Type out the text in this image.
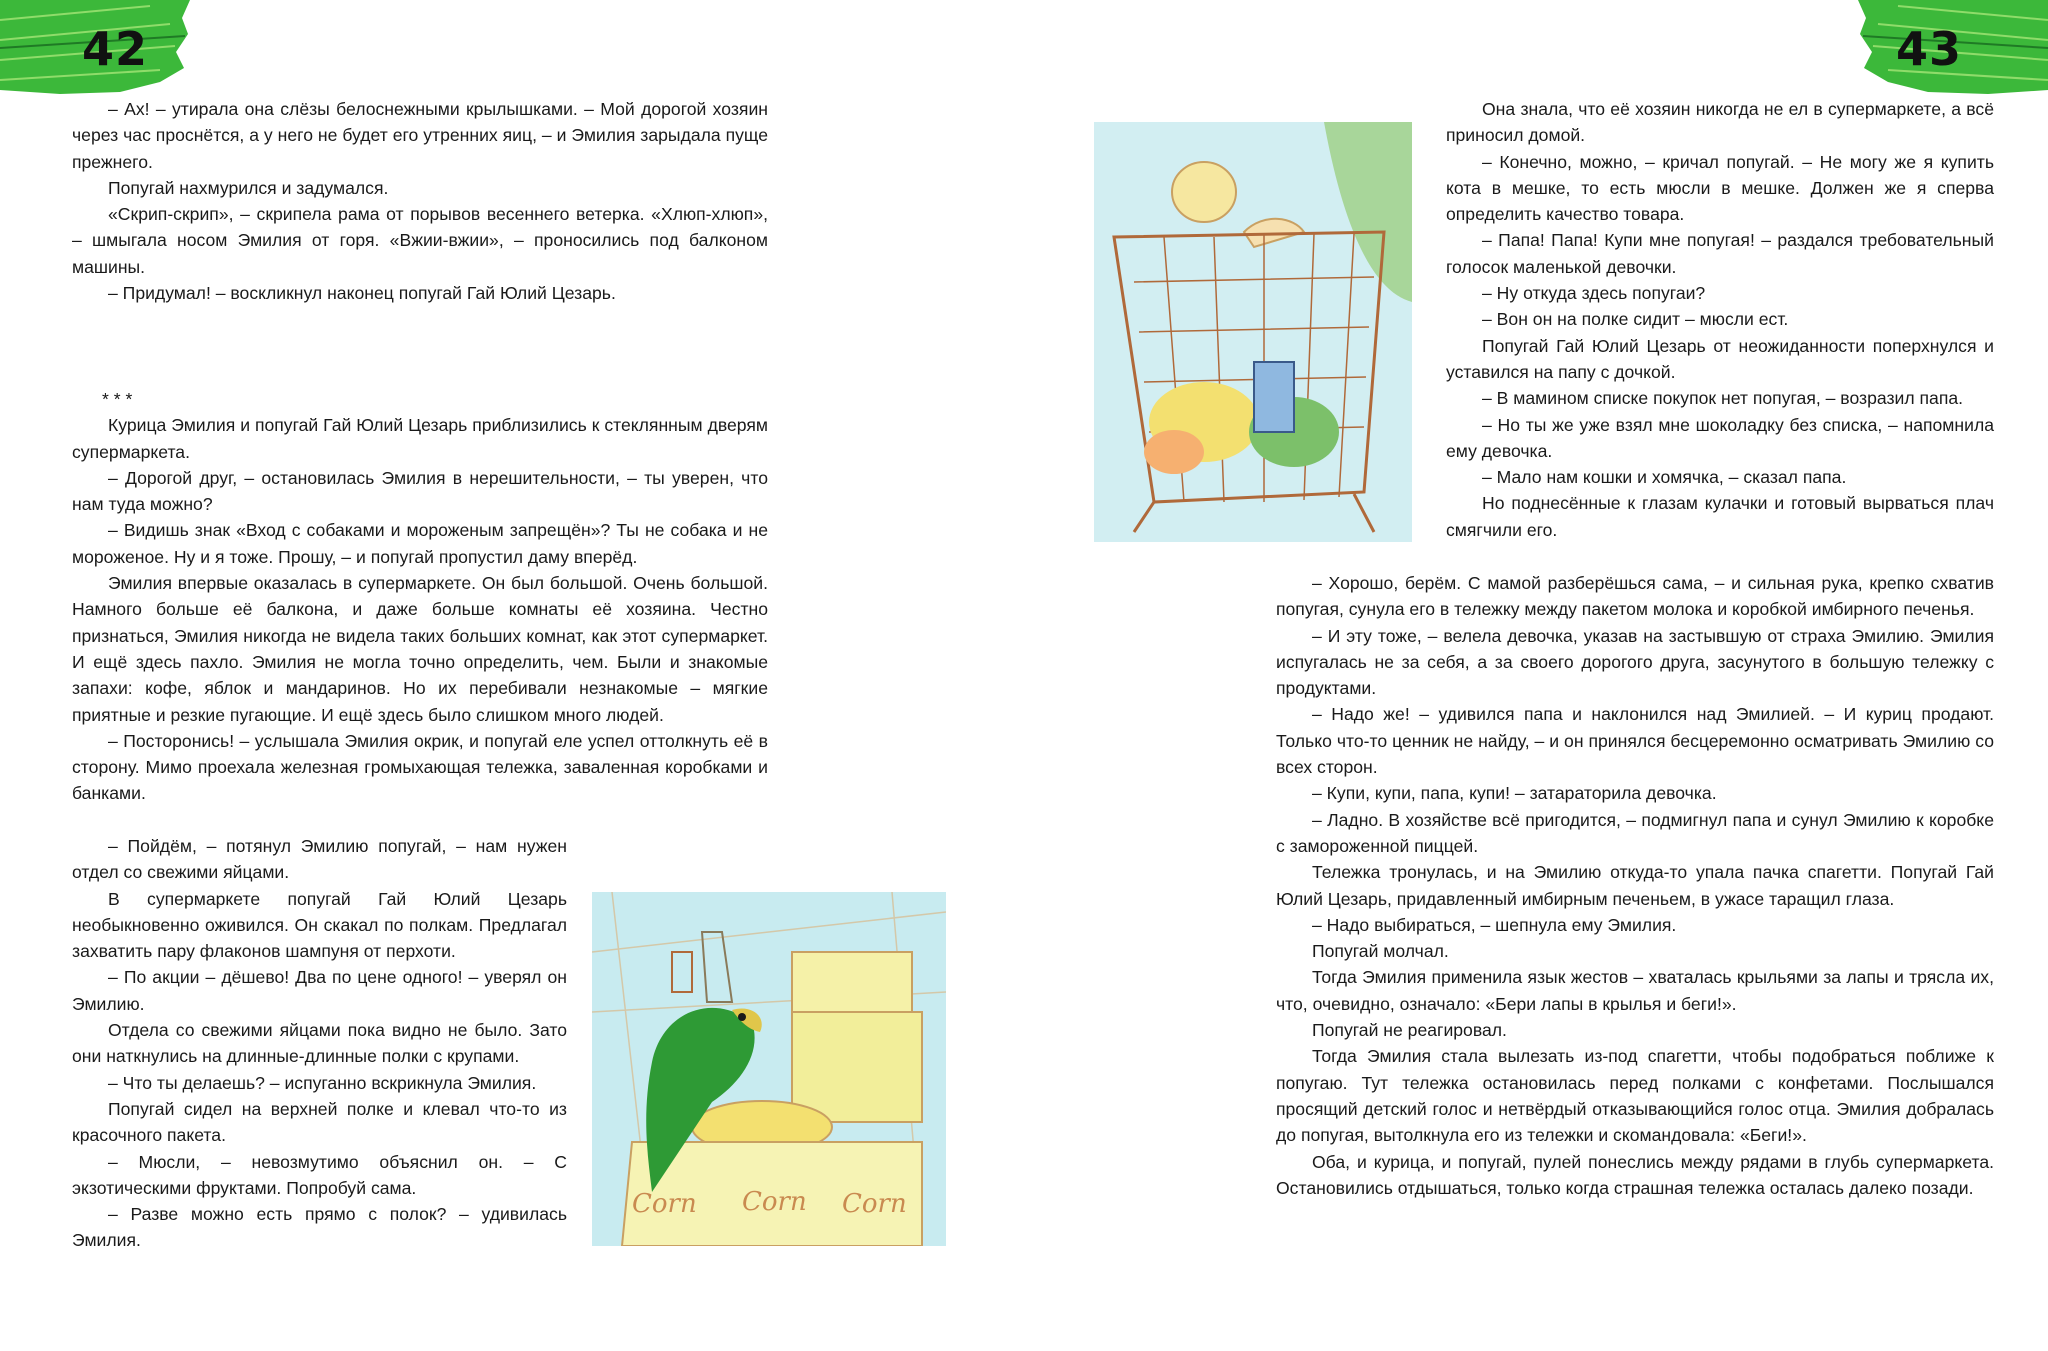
42

– Ах! – утирала она слёзы белоснежными крылышками. – Мой дорогой хозяин через час проснётся, а у него не будет его утренних яиц, – и Эмилия зарыдала пуще прежнего.

Попугай нахмурился и задумался.

«Скрип-скрип», – скрипела рама от порывов весеннего ветерка. «Хлюп-хлюп», – шмыгала носом Эмилия от горя. «Вжии-вжии», – проносились под балконом машины.

– Придумал! – воскликнул наконец попугай Гай Юлий Цезарь.

* * *

Курица Эмилия и попугай Гай Юлий Цезарь приблизились к стеклянным дверям супермаркета.

– Дорогой друг, – остановилась Эмилия в нерешительности, – ты уверен, что нам туда можно?

– Видишь знак «Вход с собаками и мороженым запрещён»? Ты не собака и не мороженое. Ну и я тоже. Прошу, – и попугай пропустил даму вперёд.

Эмилия впервые оказалась в супермаркете. Он был большой. Очень большой. Намного больше её балкона, и даже больше комнаты её хозяина. Честно признаться, Эмилия никогда не видела таких больших комнат, как этот супермаркет. И ещё здесь пахло. Эмилия не могла точно определить, чем. Были и знакомые запахи: кофе, яблок и мандаринов. Но их перебивали незнакомые – мягкие приятные и резкие пугающие. И ещё здесь было слишком много людей.

– Посторонись! – услышала Эмилия окрик, и попугай еле успел оттолкнуть её в сторону. Мимо проехала железная громыхающая тележка, заваленная коробками и банками.

– Пойдём, – потянул Эмилию попугай, – нам нужен отдел со свежими яйцами.

В супермаркете попугай Гай Юлий Цезарь необыкновенно оживился. Он скакал по полкам. Предлагал захватить пару флаконов шампуня от перхоти.

– По акции – дёшево! Два по цене одного! – уверял он Эмилию.

Отдела со свежими яйцами пока видно не было. Зато они наткнулись на длинные-длинные полки с крупами.

– Что ты делаешь? – испуганно вскрикнула Эмилия.

Попугай сидел на верхней полке и клевал что-то из красочного пакета.

– Мюсли, – невозмутимо объяснил он. – С экзотическими фруктами. Попробуй сама.

– Разве можно есть прямо с полок? – удивилась Эмилия.

Corn Corn Corn
43

Она знала, что её хозяин никогда не ел в супермаркете, а всё приносил домой.

– Конечно, можно, – кричал попугай. – Не могу же я купить кота в мешке, то есть мюсли в мешке. Должен же я сперва определить качество товара.

– Папа! Папа! Купи мне попугая! – раздался требовательный голосок маленькой девочки.

– Ну откуда здесь попугаи?

– Вон он на полке сидит – мюсли ест.

Попугай Гай Юлий Цезарь от неожиданности поперхнулся и уставился на папу с дочкой.

– В мамином списке покупок нет попугая, – возразил папа.

– Но ты же уже взял мне шоколадку без списка, – напомнила ему девочка.

– Мало нам кошки и хомячка, – сказал папа.

Но поднесённые к глазам кулачки и готовый вырваться плач смягчили его.

– Хорошо, берём. С мамой разберёшься сама, – и сильная рука, крепко схватив попугая, сунула его в тележку между пакетом молока и коробкой имбирного печенья.

– И эту тоже, – велела девочка, указав на застывшую от страха Эмилию. Эмилия испугалась не за себя, а за своего дорогого друга, засунутого в большую тележку с продуктами.

– Надо же! – удивился папа и наклонился над Эмилией. – И куриц продают. Только что-то ценник не найду, – и он принялся бесцеремонно осматривать Эмилию со всех сторон.

– Купи, купи, папа, купи! – затараторила девочка.

– Ладно. В хозяйстве всё пригодится, – подмигнул папа и сунул Эмилию к коробке с замороженной пиццей.

Тележка тронулась, и на Эмилию откуда-то упала пачка спагетти. Попугай Гай Юлий Цезарь, придавленный имбирным печеньем, в ужасе таращил глаза.

– Надо выбираться, – шепнула ему Эмилия.

Попугай молчал.

Тогда Эмилия применила язык жестов – хваталась крыльями за лапы и трясла их, что, очевидно, означало: «Бери лапы в крылья и беги!».

Попугай не реагировал.

Тогда Эмилия стала вылезать из-под спагетти, чтобы подобраться поближе к попугаю. Тут тележка остановилась перед полками с конфетами. Послышался просящий детский голос и нетвёрдый отказывающийся голос отца. Эмилия добралась до попугая, вытолкнула его из тележки и скомандовала: «Беги!».

Оба, и курица, и попугай, пулей понеслись между рядами в глубь супермаркета. Остановились отдышаться, только когда страшная тележка осталась далеко позади.
